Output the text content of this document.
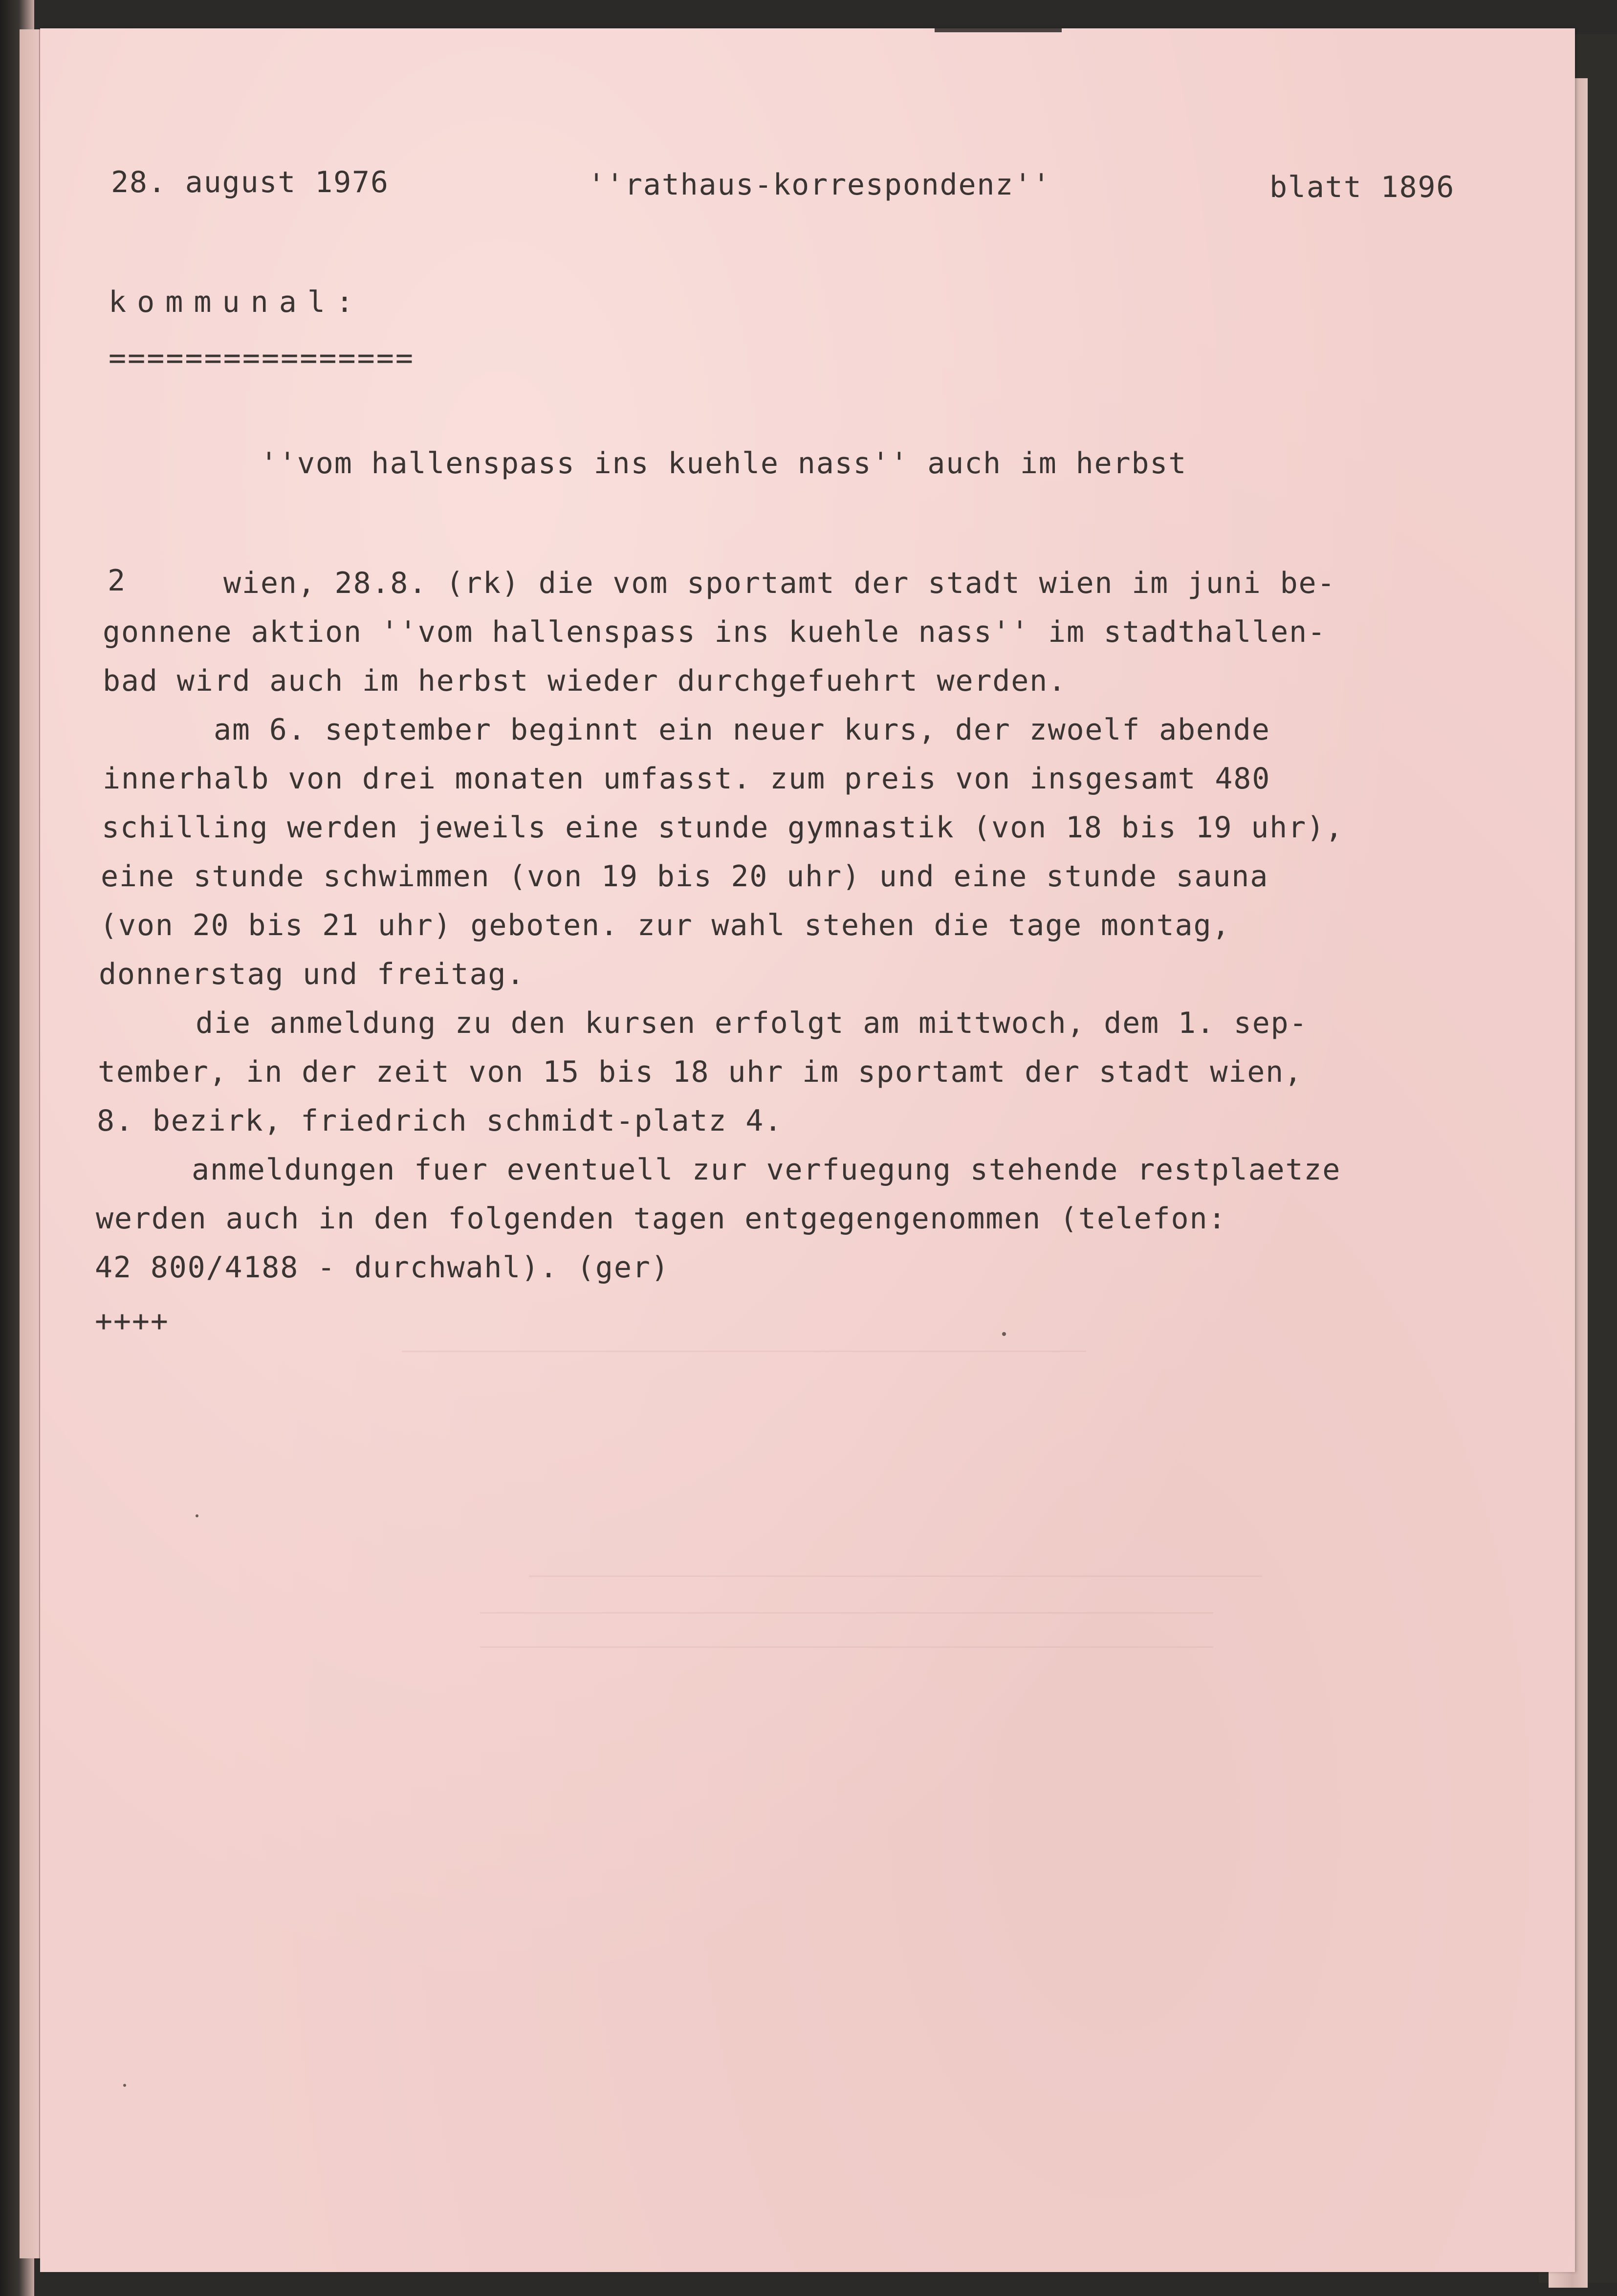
28. august 1976	''rathaus-korrespondenz''	blatt 1896
kommunal:
================
''vom hallenspass ins kuehle nass'' auch im herbst
2	wien, 28.8. (rk) die vom sportamt der stadt wien im juni be-
gonnene aktion ''vom hallenspass ins kuehle nass'' im stadthallen-
bad wird auch im herbst wieder durchgefuehrt werden.
am 6. september beginnt ein neuer kurs, der zwoelf abende
innerhalb von drei monaten umfasst. zum preis von insgesamt 480
schilling werden jeweils eine stunde gymnastik (von 18 bis 19 uhr),
eine stunde schwimmen (von 19 bis 20 uhr) und eine stunde sauna
(von 20 bis 21 uhr) geboten. zur wahl stehen die tage montag,
donnerstag und freitag.
die anmeldung zu den kursen erfolgt am mittwoch, dem 1. sep-
tember, in der zeit von 15 bis 18 uhr im sportamt der stadt wien,
8. bezirk, friedrich schmidt-platz 4.
anmeldungen fuer eventuell zur verfuegung stehende restplaetze
werden auch in den folgenden tagen entgegengenommen (telefon:
42 800/4188 - durchwahl). (ger)
++++
